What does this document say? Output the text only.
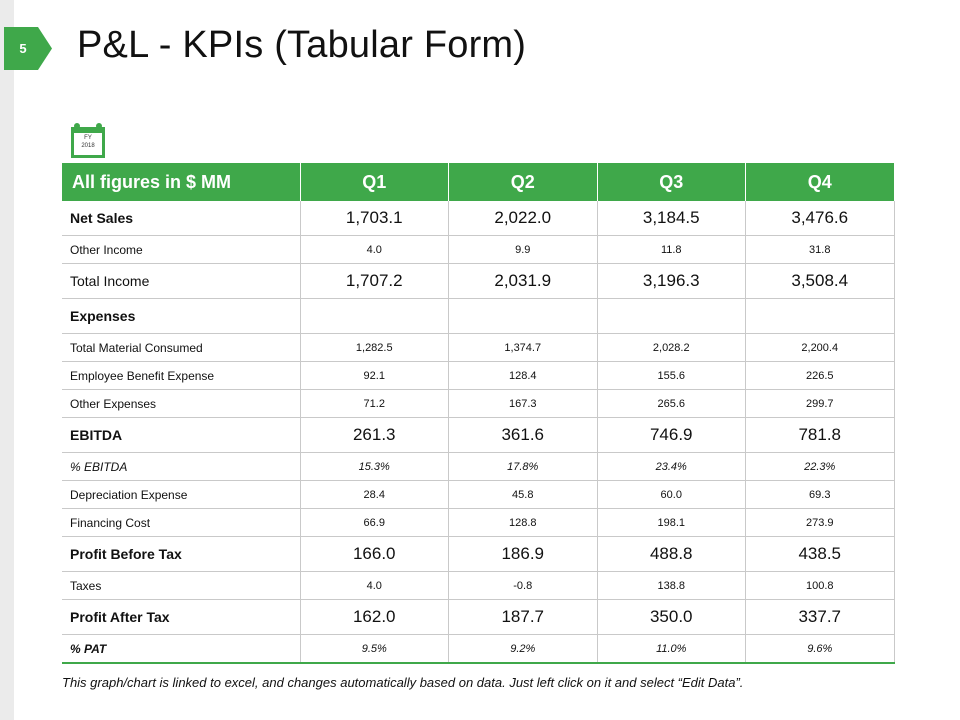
5	P&L - KPIs (Tabular Form)
FY
2018
All figures in $ MM	Q1	Q2	Q3	Q4
Net Sales	1,703.1	2,022.0	3,184.5	3,476.6
Other Income	4.0	9.9	11.8	31.8
Total Income	1,707.2	2,031.9	3,196.3	3,508.4
Expenses				
Total Material Consumed	1,282.5	1,374.7	2,028.2	2,200.4
Employee Benefit Expense	92.1	128.4	155.6	226.5
Other Expenses	71.2	167.3	265.6	299.7
EBITDA	261.3	361.6	746.9	781.8
% EBITDA	15.3%	17.8%	23.4%	22.3%
Depreciation Expense	28.4	45.8	60.0	69.3
Financing Cost	66.9	128.8	198.1	273.9
Profit Before Tax	166.0	186.9	488.8	438.5
Taxes	4.0	-0.8	138.8	100.8
Profit After Tax	162.0	187.7	350.0	337.7
% PAT	9.5%	9.2%	11.0%	9.6%
This graph/chart is linked to excel, and changes automatically based on data. Just left click on it and select “Edit Data”.
